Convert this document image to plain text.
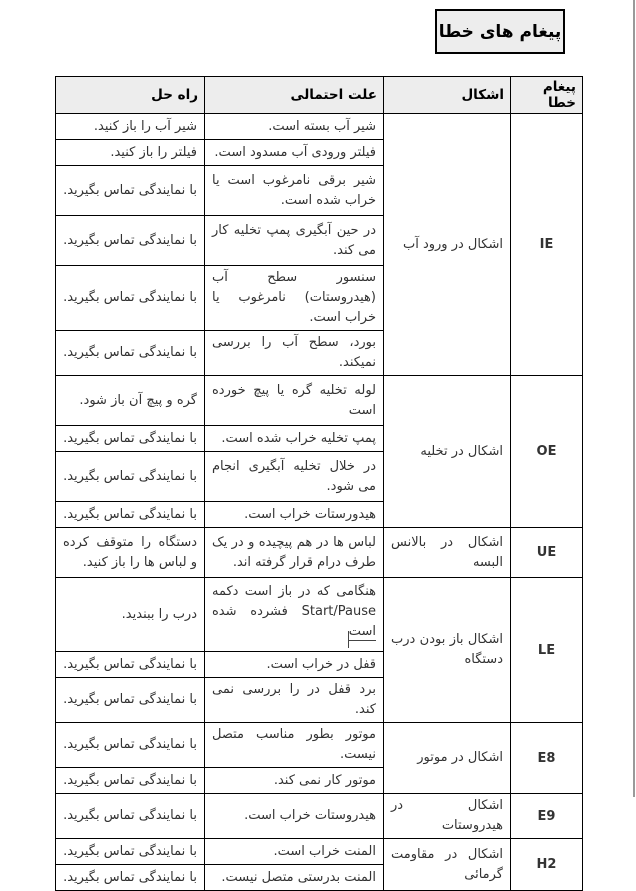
پیغام های خطا
پیغام خطا	اشکال	علت احتمالی	راه حل
IE	اشکال در ورود آب	شیر آب بسته است.	شیر آب را باز کنید.
		فیلتر ورودی آب مسدود است.	فیلتر را باز کنید.
		شیر برقی نامرغوب است یا خراب شده است.	با نمایندگی تماس بگیرید.
		در حین آبگیری پمپ تخلیه کار می کند.	با نمایندگی تماس بگیرید.
		سنسور سطح آب (هیدروستات) نامرغوب یا خراب است.	با نمایندگی تماس بگیرید.
		بورد، سطح آب را بررسی نمیکند.	با نمایندگی تماس بگیرید.
OE	اشکال در تخلیه	لوله تخلیه گره یا پیچ خورده است	گره و پیچ آن باز شود.
		پمپ تخلیه خراب شده است.	با نمایندگی تماس بگیرید.
		در خلال تخلیه آبگیری انجام می شود.	با نمایندگی تماس بگیرید.
		هیدورستات خراب است.	با نمایندگی تماس بگیرید.
UE	اشکال در بالانس البسه	لباس ها در هم پیچیده و در یک طرف درام قرار گرفته اند.	دستگاه را متوقف کرده و لباس ها را باز کنید.
LE	اشکال باز بودن درب دستگاه	هنگامی که در باز است دکمه Start/Pause فشرده شده است	درب را ببندید.
		قفل در خراب است.	با نمایندگی تماس بگیرید.
		برد قفل در را بررسی نمی کند.	با نمایندگی تماس بگیرید.
E8	اشکال در موتور	موتور بطور مناسب متصل نیست.	با نمایندگی تماس بگیرید.
		موتور کار نمی کند.	با نمایندگی تماس بگیرید.
E9	اشکال در هیدروستات	هیدروستات خراب است.	با نمایندگی تماس بگیرید.
H2	اشکال در مقاومت گرمائی	المنت خراب است.	با نمایندگی تماس بگیرید.
		المنت بدرستی متصل نیست.	با نمایندگی تماس بگیرید.
